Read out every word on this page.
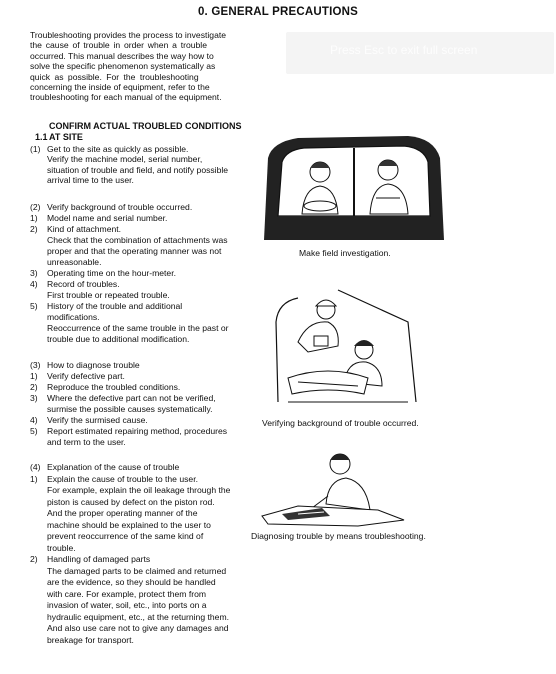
0. GENERAL PRECAUTIONS
Press Esc to exit full screen
Troubleshooting provides the process to investigate
the cause of trouble in order when a trouble
occurred. This manual describes the way how to
solve the specific phenomenon systematically as
quick as possible. For the troubleshooting
concerning the inside of equipment, refer to the
troubleshooting for each manual of the equipment.

1.1

CONFIRM ACTUAL TROUBLED CONDITIONS

AT SITE

(1) Get to the site as quickly as possible.
Verify the machine model, serial number,
situation of trouble and field, and notify possible
arrival time to the user.
(2) Verify background of trouble occurred.
1) Model name and serial number.
2) Kind of attachment.
Check that the combination of attachments was
proper and that the operating manner was not
unreasonable.
3) Operating time on the hour-meter.
4) Record of troubles.
First trouble or repeated trouble.
5) History of the trouble and additional
modifications.
Reoccurrence of the same trouble in the past or
trouble due to additional modification.
(3) How to diagnose trouble
1) Verify defective part.
2) Reproduce the troubled conditions.
3) Where the defective part can not be verified,
surmise the possible causes systematically.
4) Verify the surmised cause.
5) Report estimated repairing method, procedures
and term to the user.
(4) Explanation of the cause of trouble
1) Explain the cause of trouble to the user.
For example, explain the oil leakage through the
piston is caused by defect on the piston rod.
And the proper operating manner of the
machine should be explained to the user to
prevent reoccurrence of the same kind of
trouble.
2) Handling of damaged parts
The damaged parts to be claimed and returned
are the evidence, so they should be handled
with care. For example, protect them from
invasion of water, soil, etc., into ports on a
hydraulic equipment, etc., at the returning them.
And also use care not to give any damages and
breakage for transport.
Make field investigation.
Verifying background of trouble occurred.
Diagnosing trouble by means troubleshooting.
